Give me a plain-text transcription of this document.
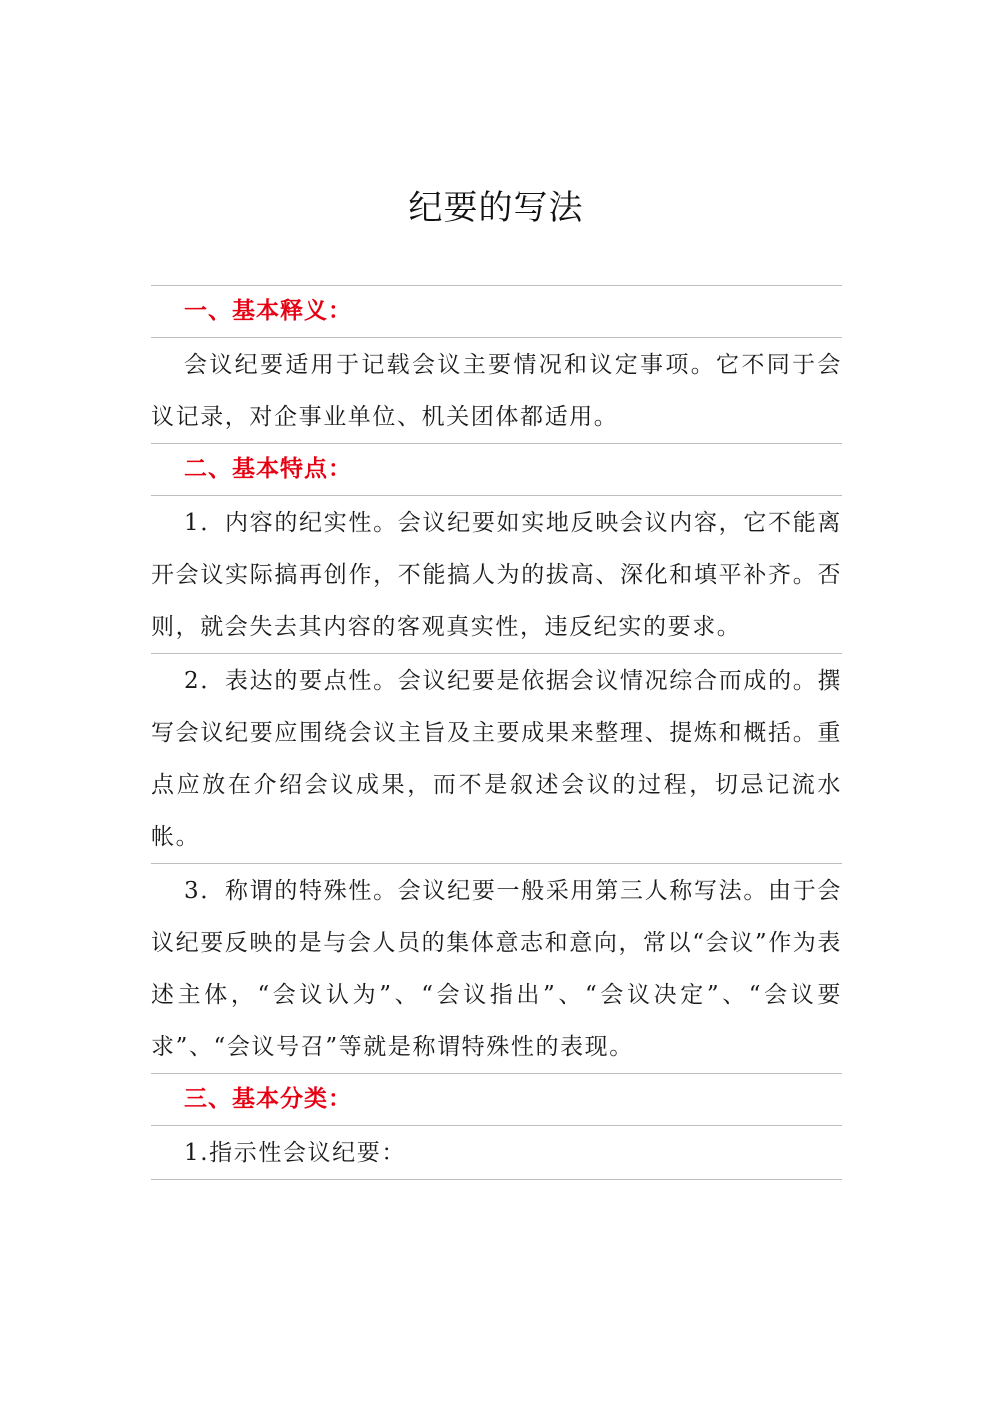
纪要的写法
一、基本释义：
会议纪要适用于记载会议主要情况和议定事项。它不同于会议记录，对企事业单位、机关团体都适用。
二、基本特点：
1．内容的纪实性。会议纪要如实地反映会议内容，它不能离开会议实际搞再创作，不能搞人为的拔高、深化和填平补齐。否则，就会失去其内容的客观真实性，违反纪实的要求。
2．表达的要点性。会议纪要是依据会议情况综合而成的。撰写会议纪要应围绕会议主旨及主要成果来整理、提炼和概括。重点应放在介绍会议成果，而不是叙述会议的过程，切忌记流水帐。
3．称谓的特殊性。会议纪要一般采用第三人称写法。由于会议纪要反映的是与会人员的集体意志和意向，常以“会议”作为表述主体，“会议认为”、“会议指出”、“会议决定”、“会议要求”、“会议号召”等就是称谓特殊性的表现。
三、基本分类：
1.指示性会议纪要：
